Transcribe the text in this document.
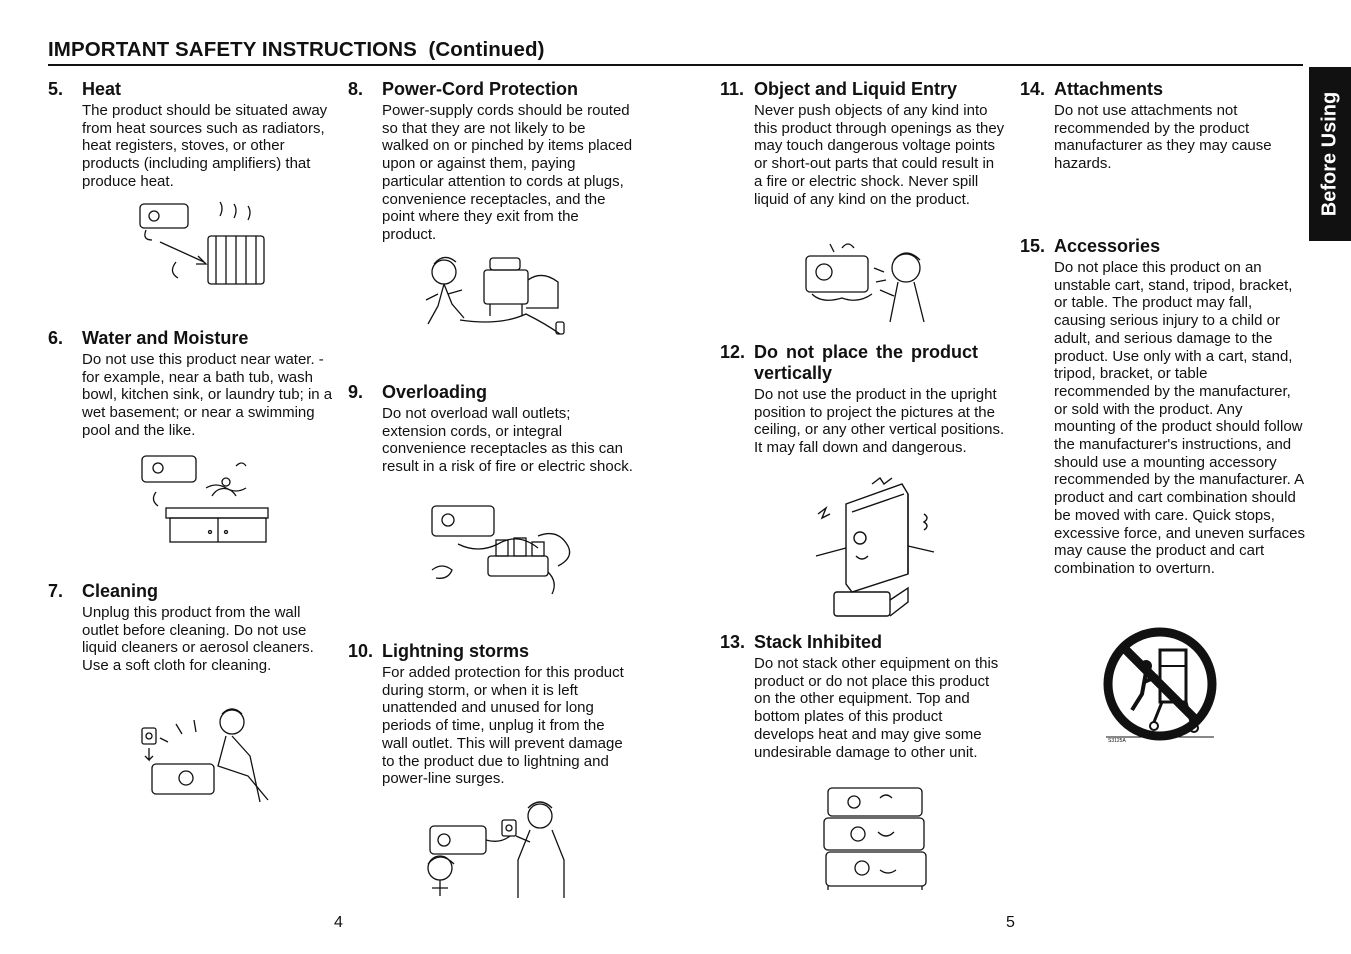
IMPORTANT SAFETY INSTRUCTIONS  (Continued)
Before Using
5. Heat
The product should be situated away from heat sources such as radiators, heat registers, stoves, or other products (including amplifiers) that produce heat.
6. Water and Moisture
Do not use this product near water. - for example, near a bath tub, wash bowl, kitchen sink, or laundry tub; in a wet basement; or near a swimming pool and the like.
7. Cleaning
Unplug this product from the wall outlet before cleaning. Do not use liquid cleaners or aerosol cleaners. Use a soft cloth for cleaning.
8. Power-Cord Protection
Power-supply cords should be routed so that they are not likely to be walked on or pinched by items placed upon or against them, paying particular attention to cords at plugs, convenience receptacles, and the point where they exit from the product.
9. Overloading
Do not overload wall outlets; extension cords, or integral convenience receptacles as this can result in a risk of fire or electric shock.
10. Lightning storms
For added protection for this product during storm, or when it is left unattended and unused for long periods of time, unplug it from the wall outlet. This will prevent damage to the product due to lightning and power-line surges.
11. Object and Liquid Entry
Never push objects of any kind into this product through openings as they may touch dangerous voltage points or short-out parts that could result in a fire or electric shock. Never spill liquid of any kind on the product.
12. Do not place the product vertically
Do not use the product in the upright position to project the pictures at the ceiling, or any other vertical positions. It may fall down and dangerous.
13. Stack Inhibited
Do not stack other equipment on this product or do not place this product on the other equipment. Top and bottom plates of this product develops heat and may give some undesirable damage to other unit.
14. Attachments
Do not use attachments not recommended by the product manufacturer as they may cause hazards.
15. Accessories
Do not place this product on an unstable cart, stand, tripod, bracket, or table. The product may fall, causing serious injury to a child or adult, and serious damage to the product. Use only with a cart, stand, tripod, bracket, or table recommended by the manufacturer, or sold with the product. Any mounting of the product should follow the manufacturer's instructions, and should use a mounting accessory recommended by the manufacturer. A product and cart combination should be moved with care. Quick stops, excessive force, and uneven surfaces may cause the product and cart combination to overturn.
S3125A
4	5
